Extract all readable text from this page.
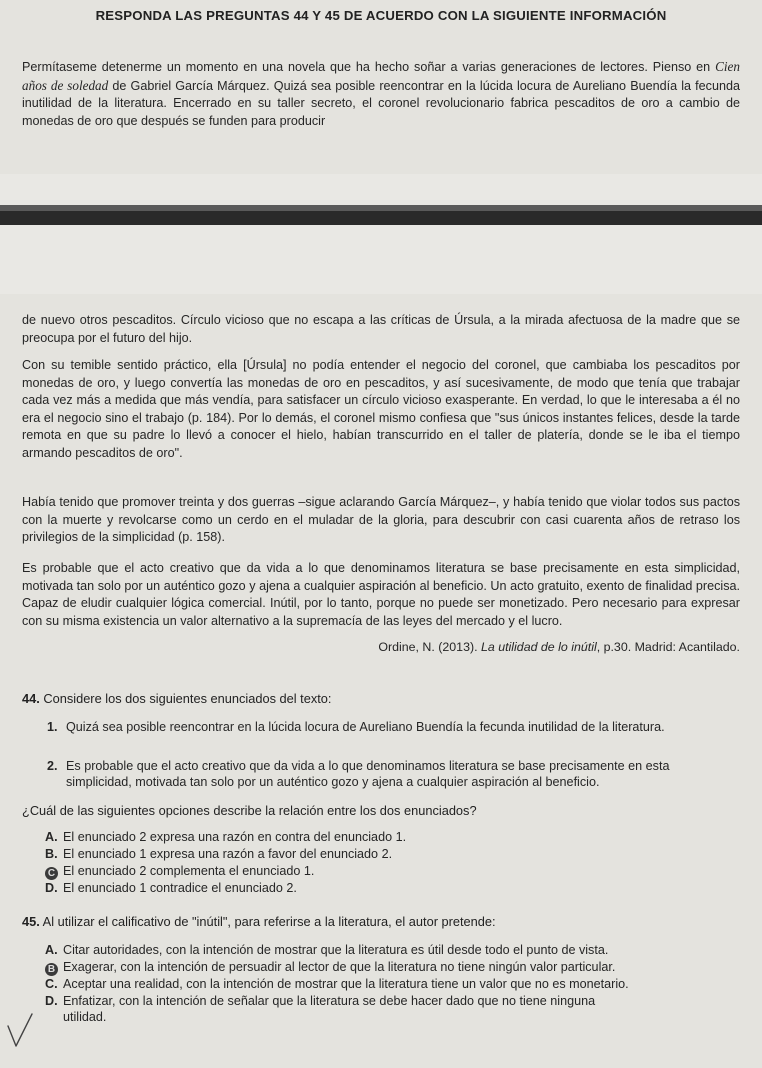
RESPONDA LAS PREGUNTAS 44 Y 45 DE ACUERDO CON LA SIGUIENTE INFORMACIÓN
Permítaseme detenerme un momento en una novela que ha hecho soñar a varias generaciones de lectores. Pienso en Cien años de soledad de Gabriel García Márquez. Quizá sea posible reencontrar en la lúcida locura de Aureliano Buendía la fecunda inutilidad de la literatura. Encerrado en su taller secreto, el coronel revolucionario fabrica pescaditos de oro a cambio de monedas de oro que después se funden para producir
de nuevo otros pescaditos. Círculo vicioso que no escapa a las críticas de Úrsula, a la mirada afectuosa de la madre que se preocupa por el futuro del hijo.
Con su temible sentido práctico, ella [Úrsula] no podía entender el negocio del coronel, que cambiaba los pescaditos por monedas de oro, y luego convertía las monedas de oro en pescaditos, y así sucesivamente, de modo que tenía que trabajar cada vez más a medida que más vendía, para satisfacer un círculo vicioso exasperante. En verdad, lo que le interesaba a él no era el negocio sino el trabajo (p. 184). Por lo demás, el coronel mismo confiesa que "sus únicos instantes felices, desde la tarde remota en que su padre lo llevó a conocer el hielo, habían transcurrido en el taller de platería, donde se le iba el tiempo armando pescaditos de oro".
Había tenido que promover treinta y dos guerras –sigue aclarando García Márquez–, y había tenido que violar todos sus pactos con la muerte y revolcarse como un cerdo en el muladar de la gloria, para descubrir con casi cuarenta años de retraso los privilegios de la simplicidad (p. 158).
Es probable que el acto creativo que da vida a lo que denominamos literatura se base precisamente en esta simplicidad, motivada tan solo por un auténtico gozo y ajena a cualquier aspiración al beneficio. Un acto gratuito, exento de finalidad precisa. Capaz de eludir cualquier lógica comercial. Inútil, por lo tanto, porque no puede ser monetizado. Pero necesario para expresar con su misma existencia un valor alternativo a la supremacía de las leyes del mercado y el lucro.
Ordine, N. (2013). La utilidad de lo inútil, p.30. Madrid: Acantilado.
44. Considere los dos siguientes enunciados del texto:
1. Quizá sea posible reencontrar en la lúcida locura de Aureliano Buendía la fecunda inutilidad de la literatura.
2. Es probable que el acto creativo que da vida a lo que denominamos literatura se base precisamente en esta simplicidad, motivada tan solo por un auténtico gozo y ajena a cualquier aspiración al beneficio.
¿Cuál de las siguientes opciones describe la relación entre los dos enunciados?
A. El enunciado 2 expresa una razón en contra del enunciado 1.
B. El enunciado 1 expresa una razón a favor del enunciado 2.
C El enunciado 2 complementa el enunciado 1.
D. El enunciado 1 contradice el enunciado 2.
45. Al utilizar el calificativo de "inútil", para referirse a la literatura, el autor pretende:
A. Citar autoridades, con la intención de mostrar que la literatura es útil desde todo el punto de vista.
B Exagerar, con la intención de persuadir al lector de que la literatura no tiene ningún valor particular.
C. Aceptar una realidad, con la intención de mostrar que la literatura tiene un valor que no es monetario.
D. Enfatizar, con la intención de señalar que la literatura se debe hacer dado que no tiene ninguna
utilidad.
